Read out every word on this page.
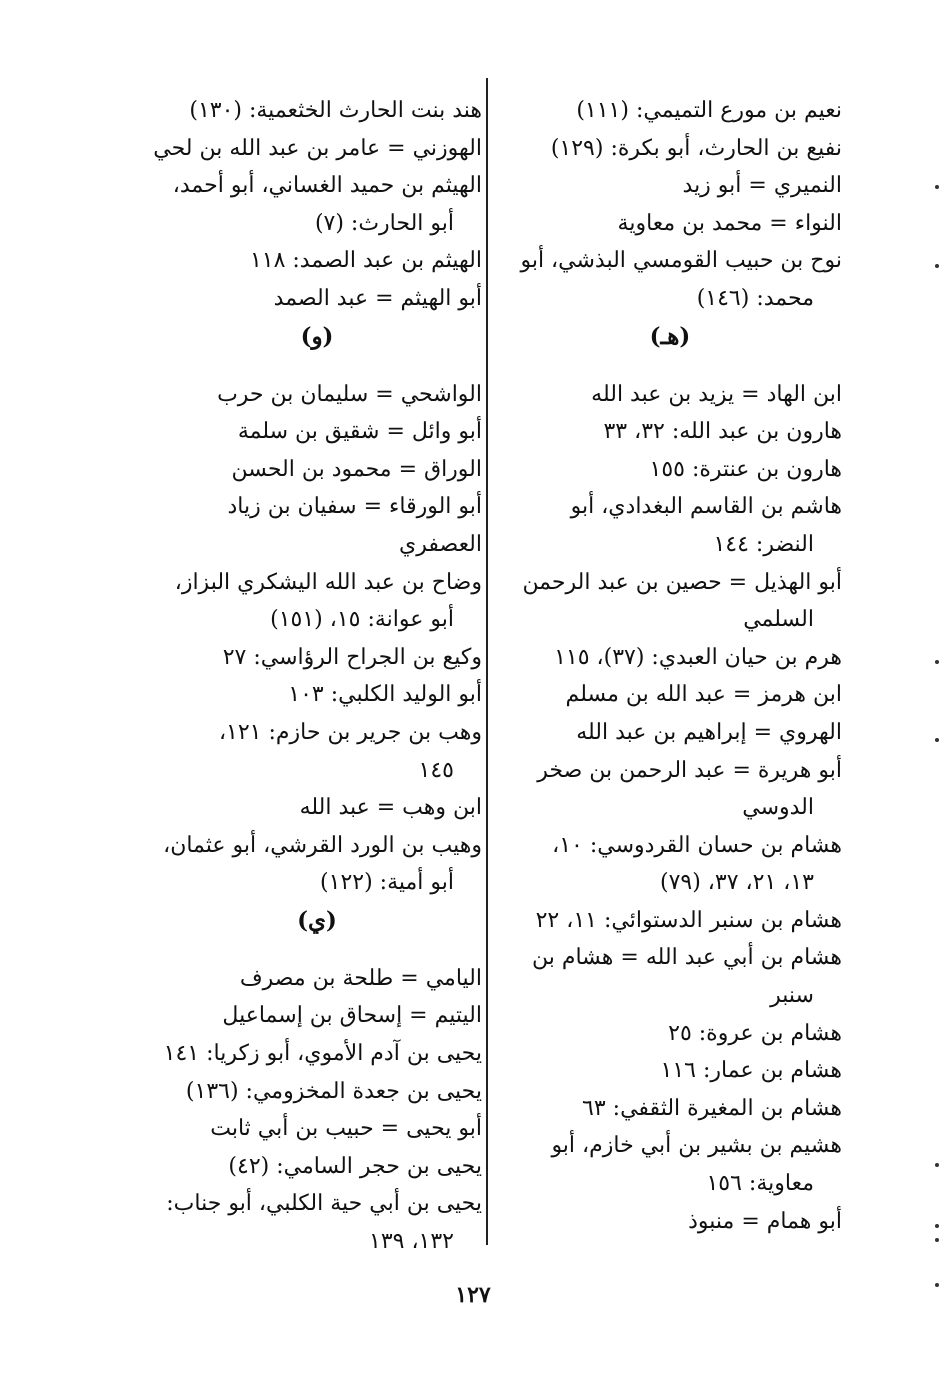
نعيم بن مورع التميمي: (١١١)
نفيع بن الحارث، أبو بكرة: (١٢٩)
النميري = أبو زيد
النواء = محمد بن معاوية
نوح بن حبيب القومسي البذشي، أبو
محمد: (١٤٦)
(هـ)
ابن الهاد = يزيد بن عبد الله
هارون بن عبد الله: ٣٢، ٣٣
هارون بن عنترة: ١٥٥
هاشم بن القاسم البغدادي، أبو
النضر: ١٤٤
أبو الهذيل = حصين بن عبد الرحمن
السلمي
هرم بن حيان العبدي: (٣٧)، ١١٥
ابن هرمز = عبد الله بن مسلم
الهروي = إبراهيم بن عبد الله
أبو هريرة = عبد الرحمن بن صخر
الدوسي
هشام بن حسان القردوسي: ١٠،
١٣، ٢١، ٣٧، (٧٩)
هشام بن سنبر الدستوائي: ١١، ٢٢
هشام بن أبي عبد الله = هشام بن
سنبر
هشام بن عروة: ٢٥
هشام بن عمار: ١١٦
هشام بن المغيرة الثقفي: ٦٣
هشيم بن بشير بن أبي خازم، أبو
معاوية: ١٥٦
أبو همام = منبوذ
هند بنت الحارث الخثعمية: (١٣٠)
الهوزني = عامر بن عبد الله بن لحي
الهيثم بن حميد الغساني، أبو أحمد،
أبو الحارث: (٧)
الهيثم بن عبد الصمد: ١١٨
أبو الهيثم = عبد الصمد
(و)
الواشحي = سليمان بن حرب
أبو وائل = شقيق بن سلمة
الوراق = محمود بن الحسن
أبو الورقاء = سفيان بن زياد العصفري
وضاح بن عبد الله اليشكري البزاز،
أبو عوانة: ١٥، (١٥١)
وكيع بن الجراح الرؤاسي: ٢٧
أبو الوليد الكلبي: ١٠٣
وهب بن جرير بن حازم: ١٢١،
١٤٥
ابن وهب = عبد الله
وهيب بن الورد القرشي، أبو عثمان،
أبو أمية: (١٢٢)
(ي)
اليامي = طلحة بن مصرف
اليتيم = إسحاق بن إسماعيل
يحيى بن آدم الأموي، أبو زكريا: ١٤١
يحيى بن جعدة المخزومي: (١٣٦)
أبو يحيى = حبيب بن أبي ثابت
يحيى بن حجر السامي: (٤٢)
يحيى بن أبي حية الكلبي، أبو جناب:
١٣٢، ١٣٩
١٢٧
